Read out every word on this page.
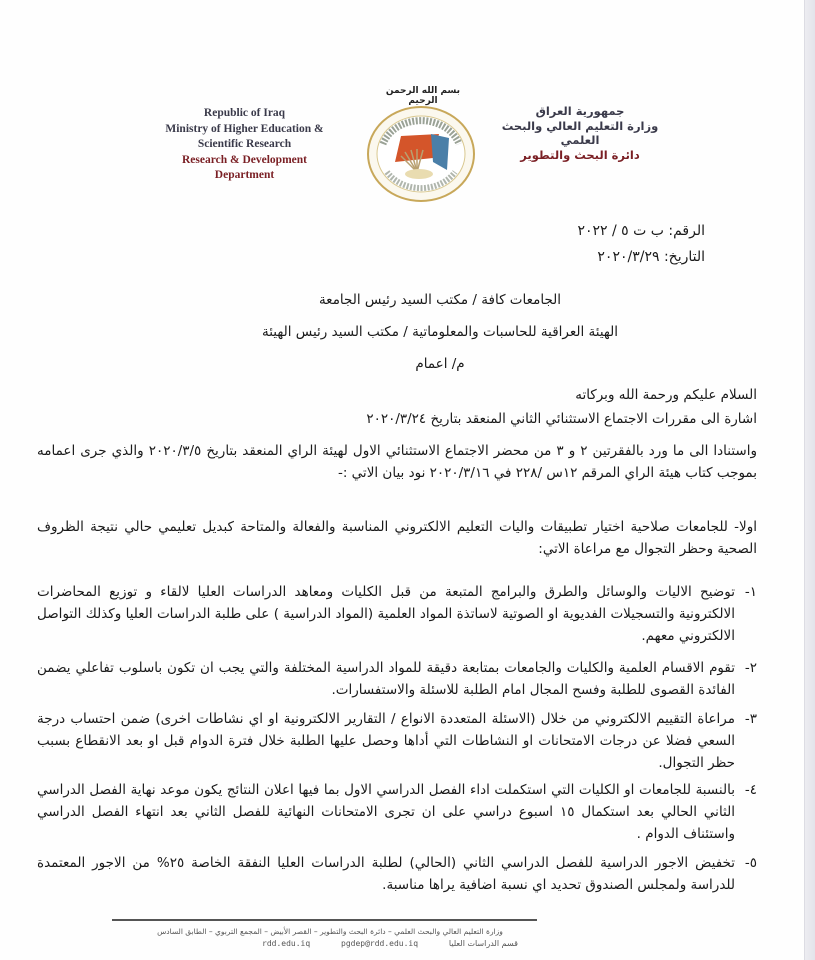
Republic of Iraq
Ministry of Higher Education &
Scientific Research
Research & Development
Department
بسم الله الرحمن الرحيم
جمهورية العراق
وزارة التعليم العالي والبحث العلمي
دائرة البحث والتطوير
الرقم: ب ت ٥ / ٢٠٢٢
التاريخ: ٢٠٢٠/٣/٢٩
الجامعات كافة / مكتب السيد رئيس الجامعة
الهيئة العراقية للحاسبات والمعلوماتية / مكتب السيد رئيس الهيئة
م/ اعمام
السلام عليكم ورحمة الله وبركاته
اشارة الى مقررات الاجتماع الاستثنائي الثاني المنعقد بتاريخ ٢٠٢٠/٣/٢٤
واستنادا الى ما ورد بالفقرتين ٢ و ٣ من محضر الاجتماع الاستثنائي الاول لهيئة الراي المنعقد بتاريخ ٢٠٢٠/٣/٥ والذي جرى اعمامه بموجب كتاب هيئة الراي المرقم ١٢س /٢٢٨ في ٢٠٢٠/٣/١٦ نود بيان الاتي :-
اولا- للجامعات صلاحية اختيار تطبيقات واليات التعليم الالكتروني المناسبة والفعالة والمتاحة كبديل تعليمي حالي نتيجة الظروف الصحية وحظر التجوال مع مراعاة الاتي:
١-
توضيح الاليات والوسائل والطرق والبرامج المتبعة من قبل الكليات ومعاهد الدراسات العليا لالقاء و توزيع المحاضرات الالكترونية والتسجيلات الفديوية او الصوتية لاساتذة المواد العلمية (المواد الدراسية ) على طلبة الدراسات العليا وكذلك التواصل الالكتروني معهم.
٢-
تقوم الاقسام العلمية والكليات والجامعات بمتابعة دقيقة للمواد الدراسية المختلفة والتي يجب ان تكون باسلوب تفاعلي يضمن الفائدة القصوى للطلبة وفسح المجال امام الطلبة للاسئلة والاستفسارات.
٣-
مراعاة التقييم الالكتروني من خلال (الاسئلة المتعددة الانواع / التقارير الالكترونية او اي نشاطات اخرى) ضمن احتساب درجة السعي فضلا عن درجات الامتحانات او النشاطات التي أداها وحصل عليها الطلبة خلال فترة الدوام قبل او بعد الانقطاع بسبب حظر التجوال.
٤-
بالنسبة للجامعات او الكليات التي استكملت اداء الفصل الدراسي الاول بما فيها اعلان النتائج يكون موعد نهاية الفصل الدراسي الثاني الحالي بعد استكمال ١٥ اسبوع دراسي على ان تجرى الامتحانات النهائية للفصل الثاني بعد انتهاء الفصل الدراسي واستئناف الدوام .
٥-
تخفيض الاجور الدراسية للفصل الدراسي الثاني (الحالي) لطلبة الدراسات العليا النفقة الخاصة ٢٥% من الاجور المعتمدة للدراسة ولمجلس الصندوق تحديد اي نسبة اضافية يراها مناسبة.
وزارة التعليم العالي والبحث العلمي – دائرة البحث والتطوير – القصر الأبيض – المجمع التربوي – الطابق السادس
rdd.edu.iq	pgdep@rdd.edu.iq	قسم الدراسات العليا
